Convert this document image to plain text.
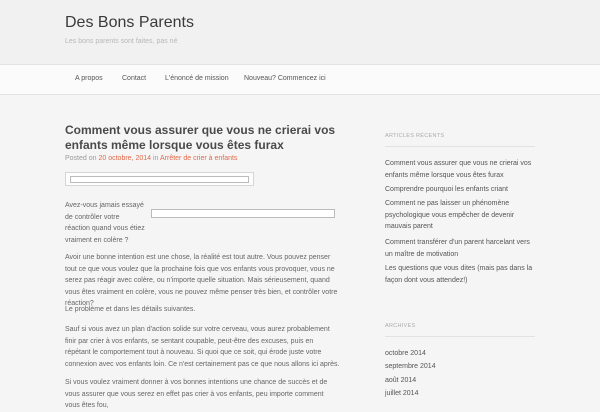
Des Bons Parents
Les bons parents sont faites, pas né
A propos	Contact	L'énoncé de mission Nouveau? Commencez ici
Comment vous assurer que vous ne crierai vos enfants même lorsque vous êtes furax
Posted on 20 octobre, 2014 in Arrêter de crier à enfants
Avez-vous jamais essayé de contrôler votre réaction quand vous étiez vraiment en colère ?

Avoir une bonne intention est une chose, la réalité est tout autre. Vous pouvez penser tout ce que vous voulez que la prochaine fois que vos enfants vous provoquer, vous ne serez pas réagir avec colère, ou n'importe quelle situation. Mais sérieusement, quand vous êtes vraiment en colère, vous ne pouvez même penser très bien, et contrôler votre réaction?

Le problème et dans les détails suivantes.

Sauf si vous avez un plan d'action solide sur votre cerveau, vous aurez probablement finir par crier à vos enfants, se sentant coupable, peut-être des excuses, puis en répétant le comportement tout à nouveau. Si quoi que ce soit, qui érode juste votre connexion avec vos enfants loin. Ce n'est certainement pas ce que nous allons ici après.

Si vous voulez vraiment donner à vos bonnes intentions une chance de succès et de vous assurer que vous serez en effet pas crier à vos enfants, peu importe comment vous êtes fou,

ARTICLES RÉCENTS
Comment vous assurer que vous ne crierai vos enfants même lorsque vous êtes furax
Comprendre pourquoi les enfants criant
Comment ne pas laisser un phénomène psychologique vous empêcher de devenir mauvais parent
Comment transférer d'un parent harcelant vers un maître de motivation
Les questions que vous dites (mais pas dans la façon dont vous attendez!)
ARCHIVES
octobre 2014
septembre 2014
août 2014
juillet 2014
